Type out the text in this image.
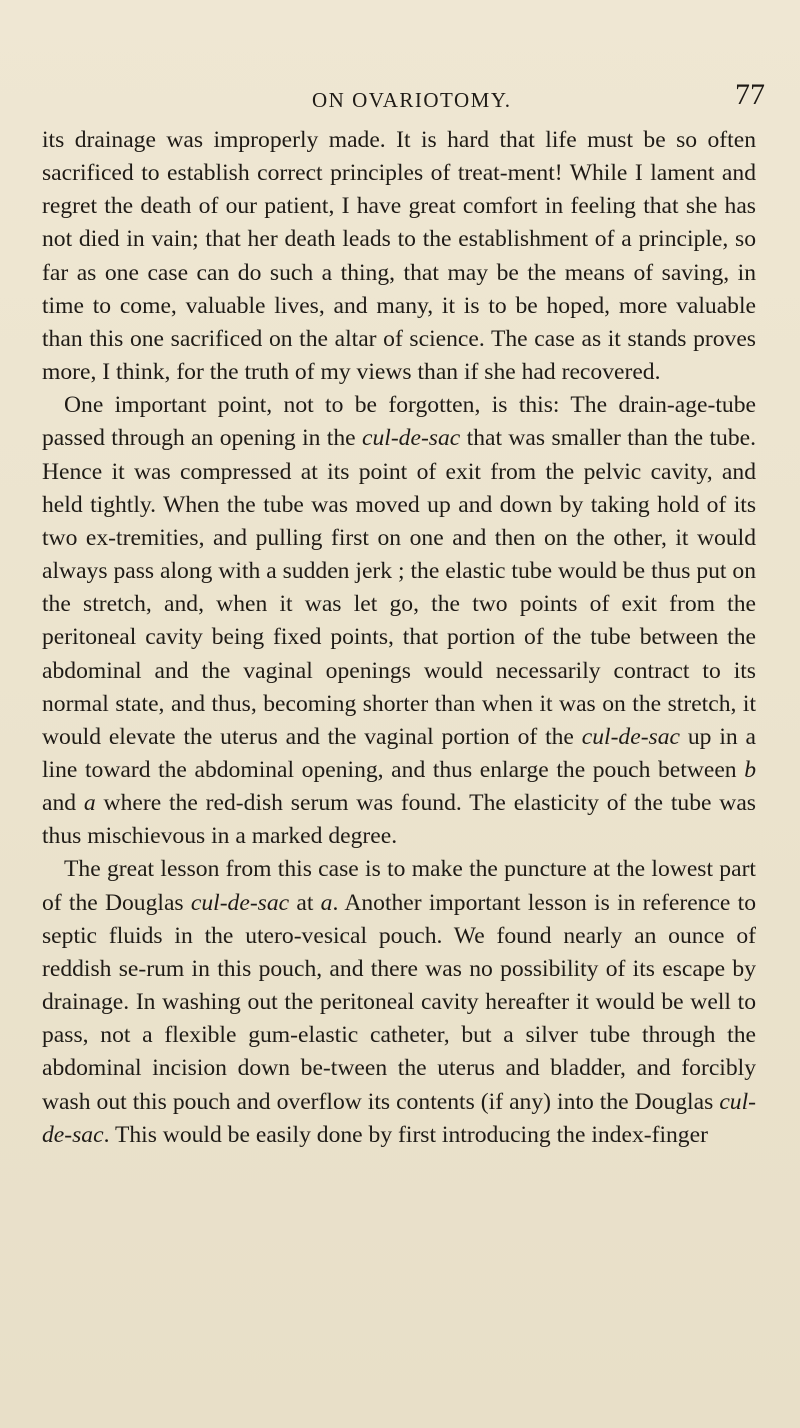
ON OVARIOTOMY.	77

its drainage was improperly made. It is hard that life must be so often sacrificed to establish correct principles of treat-ment! While I lament and regret the death of our patient, I have great comfort in feeling that she has not died in vain; that her death leads to the establishment of a principle, so far as one case can do such a thing, that may be the means of saving, in time to come, valuable lives, and many, it is to be hoped, more valuable than this one sacrificed on the altar of science. The case as it stands proves more, I think, for the truth of my views than if she had recovered.

One important point, not to be forgotten, is this: The drain-age-tube passed through an opening in the cul-de-sac that was smaller than the tube. Hence it was compressed at its point of exit from the pelvic cavity, and held tightly. When the tube was moved up and down by taking hold of its two ex-tremities, and pulling first on one and then on the other, it would always pass along with a sudden jerk ; the elastic tube would be thus put on the stretch, and, when it was let go, the two points of exit from the peritoneal cavity being fixed points, that portion of the tube between the abdominal and the vaginal openings would necessarily contract to its normal state, and thus, becoming shorter than when it was on the stretch, it would elevate the uterus and the vaginal portion of the cul-de-sac up in a line toward the abdominal opening, and thus enlarge the pouch between b and a where the red-dish serum was found. The elasticity of the tube was thus mischievous in a marked degree.

The great lesson from this case is to make the puncture at the lowest part of the Douglas cul-de-sac at a. Another important lesson is in reference to septic fluids in the utero-vesical pouch. We found nearly an ounce of reddish se-rum in this pouch, and there was no possibility of its escape by drainage. In washing out the peritoneal cavity hereafter it would be well to pass, not a flexible gum-elastic catheter, but a silver tube through the abdominal incision down be-tween the uterus and bladder, and forcibly wash out this pouch and overflow its contents (if any) into the Douglas cul-de-sac. This would be easily done by first introducing the index-finger
